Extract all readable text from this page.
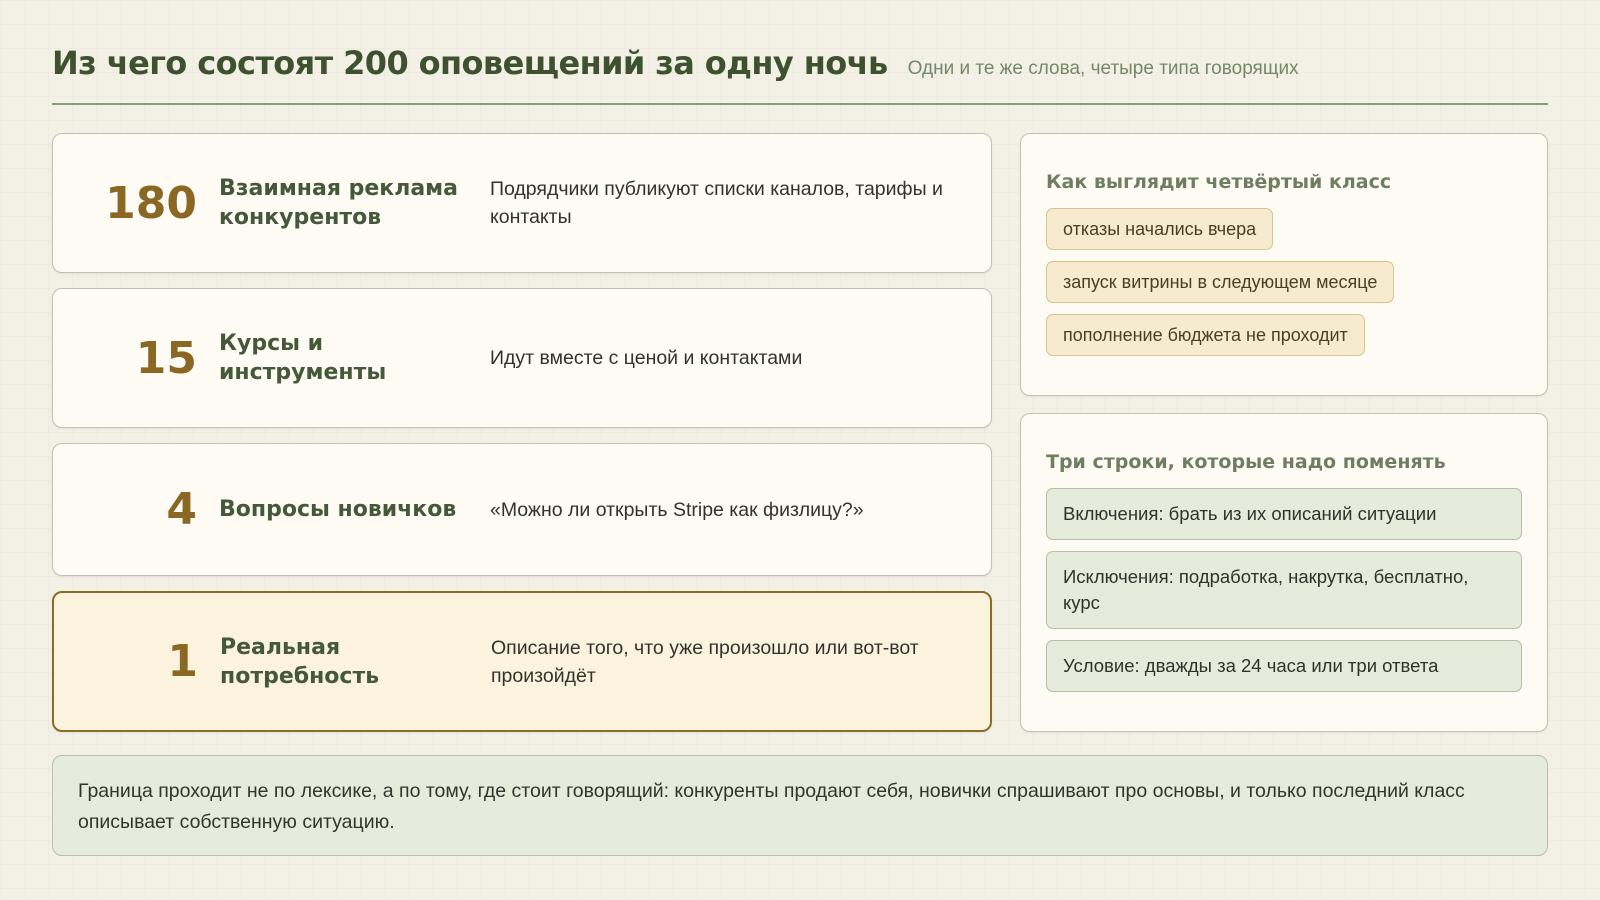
Из чего состоят 200 оповещений за одну ночь Одни и те же слова, четыре типа говорящих
180 Взаимная реклама конкурентов
Подрядчики публикуют списки каналов, тарифы и контакты
15 Курсы и инструменты
Идут вместе с ценой и контактами
4 Вопросы новичков	«Можно ли открыть Stripe как физлицу?»
1 Реальная потребность
Описание того, что уже произошло или вот-вот произойдёт
Как выглядит четвёртый класс
отказы начались вчера
запуск витрины в следующем месяце
пополнение бюджета не проходит
Три строки, которые надо поменять
Включения: брать из их описаний ситуации
Исключения: подработка, накрутка, бесплатно, курс
Условие: дважды за 24 часа или три ответа
Граница проходит не по лексике, а по тому, где стоит говорящий: конкуренты продают себя, новички спрашивают про основы, и только последний класс описывает собственную ситуацию.
